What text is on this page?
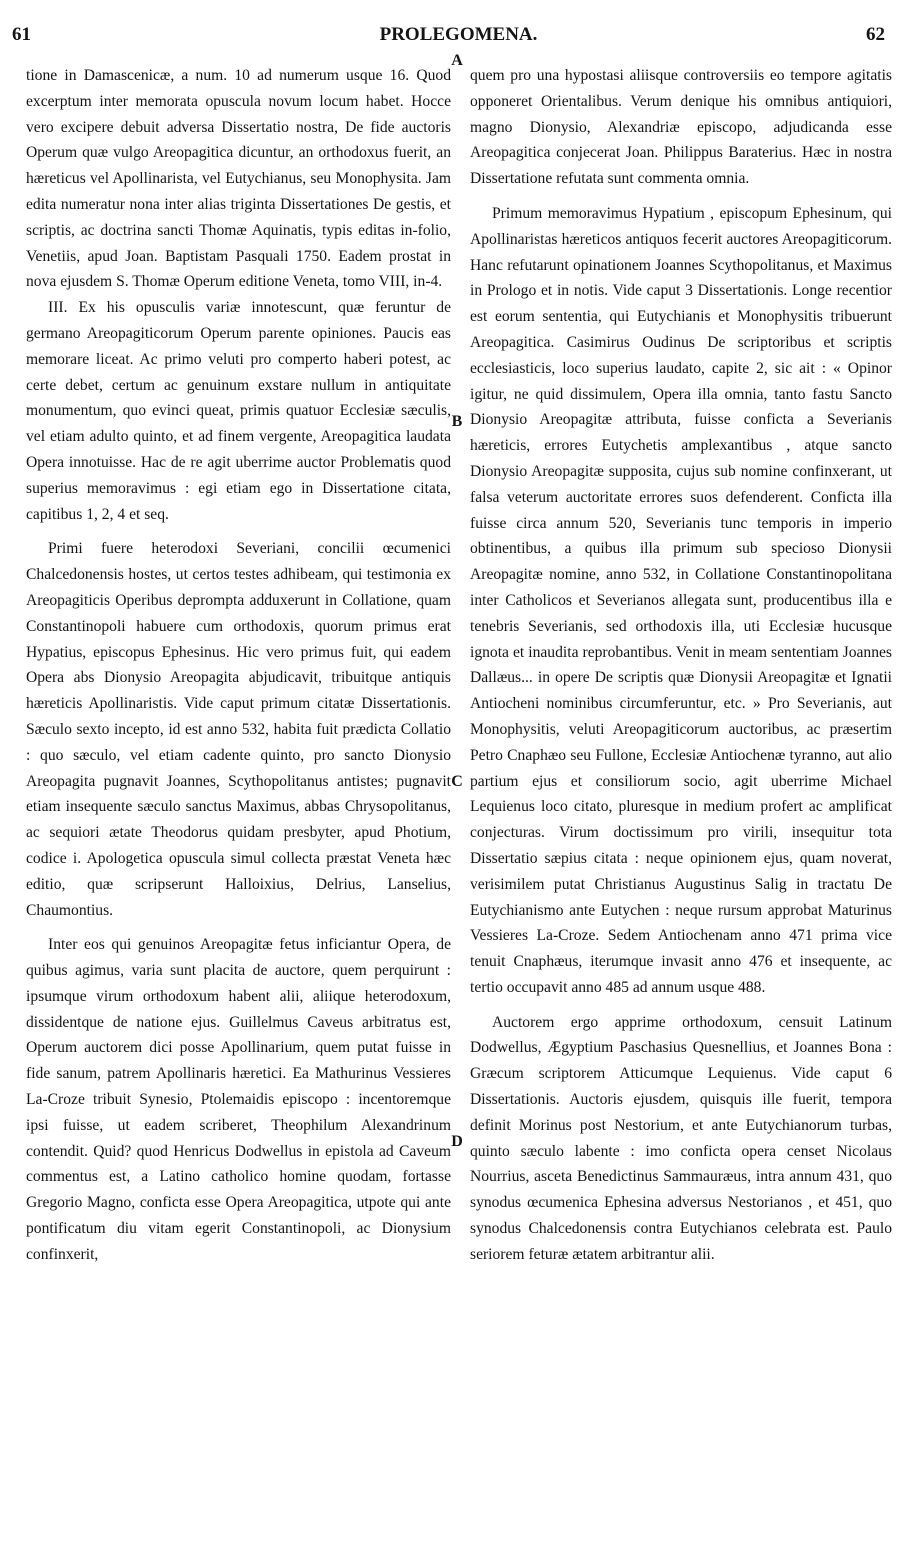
61	PROLEGOMENA.	62
A
B
C
D

tione in Damascenicæ, a num. 10 ad numerum usque 16. Quod excerptum inter memorata opuscula novum locum habet. Hocce vero excipere debuit adversa Dissertatio nostra, De fide auctoris Operum quæ vulgo Areopagitica dicuntur, an orthodoxus fuerit, an hæreticus vel Apollinarista, vel Eutychianus, seu Monophysita. Jam edita numeratur nona inter alias triginta Dissertationes De gestis, et scriptis, ac doctrina sancti Thomæ Aquinatis, typis editas in-folio, Venetiis, apud Joan. Baptistam Pasquali 1750. Eadem prostat in nova ejusdem S. Thomæ Operum editione Veneta, tomo VIII, in-4.

III. Ex his opusculis variæ innotescunt, quæ feruntur de germano Areopagiticorum Operum parente opiniones. Paucis eas memorare liceat. Ac primo veluti pro comperto haberi potest, ac certe debet, certum ac genuinum exstare nullum in antiquitate monumentum, quo evinci queat, primis quatuor Ecclesiæ sæculis, vel etiam adulto quinto, et ad finem vergente, Areopagitica laudata Opera innotuisse. Hac de re agit uberrime auctor Problematis quod superius memoravimus : egi etiam ego in Dissertatione citata, capitibus 1, 2, 4 et seq.

Primi fuere heterodoxi Severiani, concilii œcumenici Chalcedonensis hostes, ut certos testes adhibeam, qui testimonia ex Areopagiticis Operibus deprompta adduxerunt in Collatione, quam Constantinopoli habuere cum orthodoxis, quorum primus erat Hypatius, episcopus Ephesinus. Hic vero primus fuit, qui eadem Opera abs Dionysio Areopagita abjudicavit, tribuitque antiquis hæreticis Apollinaristis. Vide caput primum citatæ Dissertationis. Sæculo sexto incepto, id est anno 532, habita fuit prædicta Collatio : quo sæculo, vel etiam cadente quinto, pro sancto Dionysio Areopagita pugnavit Joannes, Scythopolitanus antistes; pugnavit etiam insequente sæculo sanctus Maximus, abbas Chrysopolitanus, ac sequiori ætate Theodorus quidam presbyter, apud Photium, codice i. Apologetica opuscula simul collecta præstat Veneta hæc editio, quæ scripserunt Halloixius, Delrius, Lanselius, Chaumontius.

Inter eos qui genuinos Areopagitæ fetus inficiantur Opera, de quibus agimus, varia sunt placita de auctore, quem perquirunt : ipsumque virum orthodoxum habent alii, aliique heterodoxum, dissidentque de natione ejus. Guillelmus Caveus arbitratus est, Operum auctorem dici posse Apollinarium, quem putat fuisse in fide sanum, patrem Apollinaris hæretici. Ea Mathurinus Vessieres La-Croze tribuit Synesio, Ptolemaidis episcopo : incentoremque ipsi fuisse, ut eadem scriberet, Theophilum Alexandrinum contendit. Quid? quod Henricus Dodwellus in epistola ad Caveum commentus est, a Latino catholico homine quodam, fortasse Gregorio Magno, conficta esse Opera Areopagitica, utpote qui ante pontificatum diu vitam egerit Constantinopoli, ac Dionysium confinxerit,

quem pro una hypostasi aliisque controversiis eo tempore agitatis opponeret Orientalibus. Verum denique his omnibus antiquiori, magno Dionysio, Alexandriæ episcopo, adjudicanda esse Areopagitica conjecerat Joan. Philippus Baraterius. Hæc in nostra Dissertatione refutata sunt commenta omnia.

Primum memoravimus Hypatium , episcopum Ephesinum, qui Apollinaristas hæreticos antiquos fecerit auctores Areopagiticorum. Hanc refutarunt opinationem Joannes Scythopolitanus, et Maximus in Prologo et in notis. Vide caput 3 Dissertationis. Longe recentior est eorum sententia, qui Eutychianis et Monophysitis tribuerunt Areopagitica. Casimirus Oudinus De scriptoribus et scriptis ecclesiasticis, loco superius laudato, capite 2, sic ait : « Opinor igitur, ne quid dissimulem, Opera illa omnia, tanto fastu Sancto Dionysio Areopagitæ attributa, fuisse conficta a Severianis hæreticis, errores Eutychetis amplexantibus , atque sancto Dionysio Areopagitæ supposita, cujus sub nomine confinxerant, ut falsa veterum auctoritate errores suos defenderent. Conficta illa fuisse circa annum 520, Severianis tunc temporis in imperio obtinentibus, a quibus illa primum sub specioso Dionysii Areopagitæ nomine, anno 532, in Collatione Constantinopolitana inter Catholicos et Severianos allegata sunt, producentibus illa e tenebris Severianis, sed orthodoxis illa, uti Ecclesiæ hucusque ignota et inaudita reprobantibus. Venit in meam sententiam Joannes Dallæus... in opere De scriptis quæ Dionysii Areopagitæ et Ignatii Antiocheni nominibus circumferuntur, etc. » Pro Severianis, aut Monophysitis, veluti Areopagiticorum auctoribus, ac præsertim Petro Cnaphæo seu Fullone, Ecclesiæ Antiochenæ tyranno, aut alio partium ejus et consiliorum socio, agit uberrime Michael Lequienus loco citato, pluresque in medium profert ac amplificat conjecturas. Virum doctissimum pro virili, insequitur tota Dissertatio sæpius citata : neque opinionem ejus, quam noverat, verisimilem putat Christianus Augustinus Salig in tractatu De Eutychianismo ante Eutychen : neque rursum approbat Maturinus Vessieres La-Croze. Sedem Antiochenam anno 471 prima vice tenuit Cnaphæus, iterumque invasit anno 476 et insequente, ac tertio occupavit anno 485 ad annum usque 488.

Auctorem ergo apprime orthodoxum, censuit Latinum Dodwellus, Ægyptium Paschasius Quesnellius, et Joannes Bona : Græcum scriptorem Atticumque Lequienus. Vide caput 6 Dissertationis. Auctoris ejusdem, quisquis ille fuerit, tempora definit Morinus post Nestorium, et ante Eutychianorum turbas, quinto sæculo labente : imo conficta opera censet Nicolaus Nourrius, asceta Benedictinus Sammauræus, intra annum 431, quo synodus œcumenica Ephesina adversus Nestorianos , et 451, quo synodus Chalcedonensis contra Eutychianos celebrata est. Paulo seriorem feturæ ætatem arbitrantur alii.
